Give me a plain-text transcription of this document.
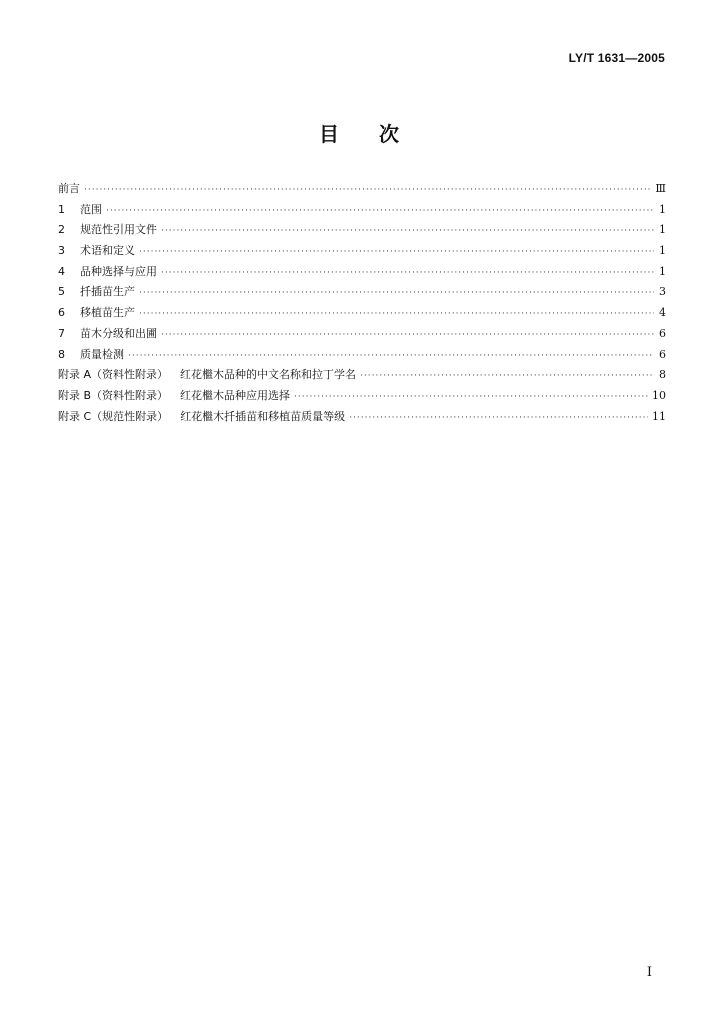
LY/T 1631—2005
目 次
前言 ·····	Ⅲ
1	范围 ·····	1
2	规范性引用文件 ·····	1
3	术语和定义 ·····	1
4	品种选择与应用 ·····	1
5	扦插苗生产 ·····	3
6	移植苗生产 ·····	4
7	苗木分级和出圃 ·····	6
8	质量检测 ·····	6
附录 A（资料性附录） 红花檵木品种的中文名称和拉丁学名 ·····	8
附录 B（资料性附录） 红花檵木品种应用选择 ·····	10
附录 C（规范性附录） 红花檵木扦插苗和移植苗质量等级 ·····	11
I
